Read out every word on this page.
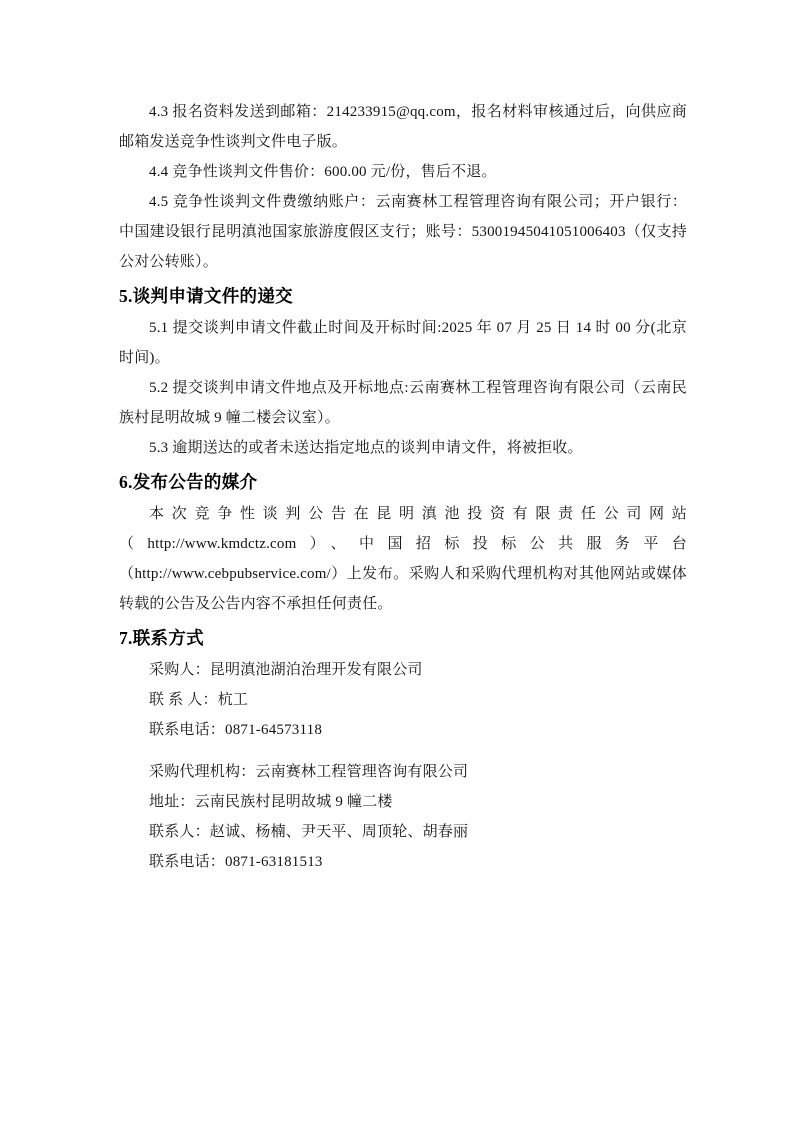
4.3 报名资料发送到邮箱：214233915@qq.com，报名材料审核通过后，向供应商邮箱发送竞争性谈判文件电子版。

4.4 竞争性谈判文件售价：600.00 元/份，售后不退。

4.5 竞争性谈判文件费缴纳账户：云南赛林工程管理咨询有限公司；开户银行：中国建设银行昆明滇池国家旅游度假区支行；账号：53001945041051006403（仅支持公对公转账）。

5.谈判申请文件的递交

5.1 提交谈判申请文件截止时间及开标时间:2025 年 07 月 25 日 14 时 00 分(北京时间)。

5.2 提交谈判申请文件地点及开标地点:云南赛林工程管理咨询有限公司（云南民族村昆明故城 9 幢二楼会议室）。

5.3 逾期送达的或者未送达指定地点的谈判申请文件，将被拒收。

6.发布公告的媒介

本次竞争性谈判公告在昆明滇池投资有限责任公司网站（http://www.kmdctz.com）、中国招标投标公共服务平台（http://www.cebpubservice.com/）上发布。采购人和采购代理机构对其他网站或媒体转载的公告及公告内容不承担任何责任。

7.联系方式

采购人：昆明滇池湖泊治理开发有限公司

联 系 人：杭工

联系电话：0871-64573118

采购代理机构：云南赛林工程管理咨询有限公司

地址：云南民族村昆明故城 9 幢二楼

联系人：赵诚、杨楠、尹天平、周顶轮、胡春丽

联系电话：0871-63181513
